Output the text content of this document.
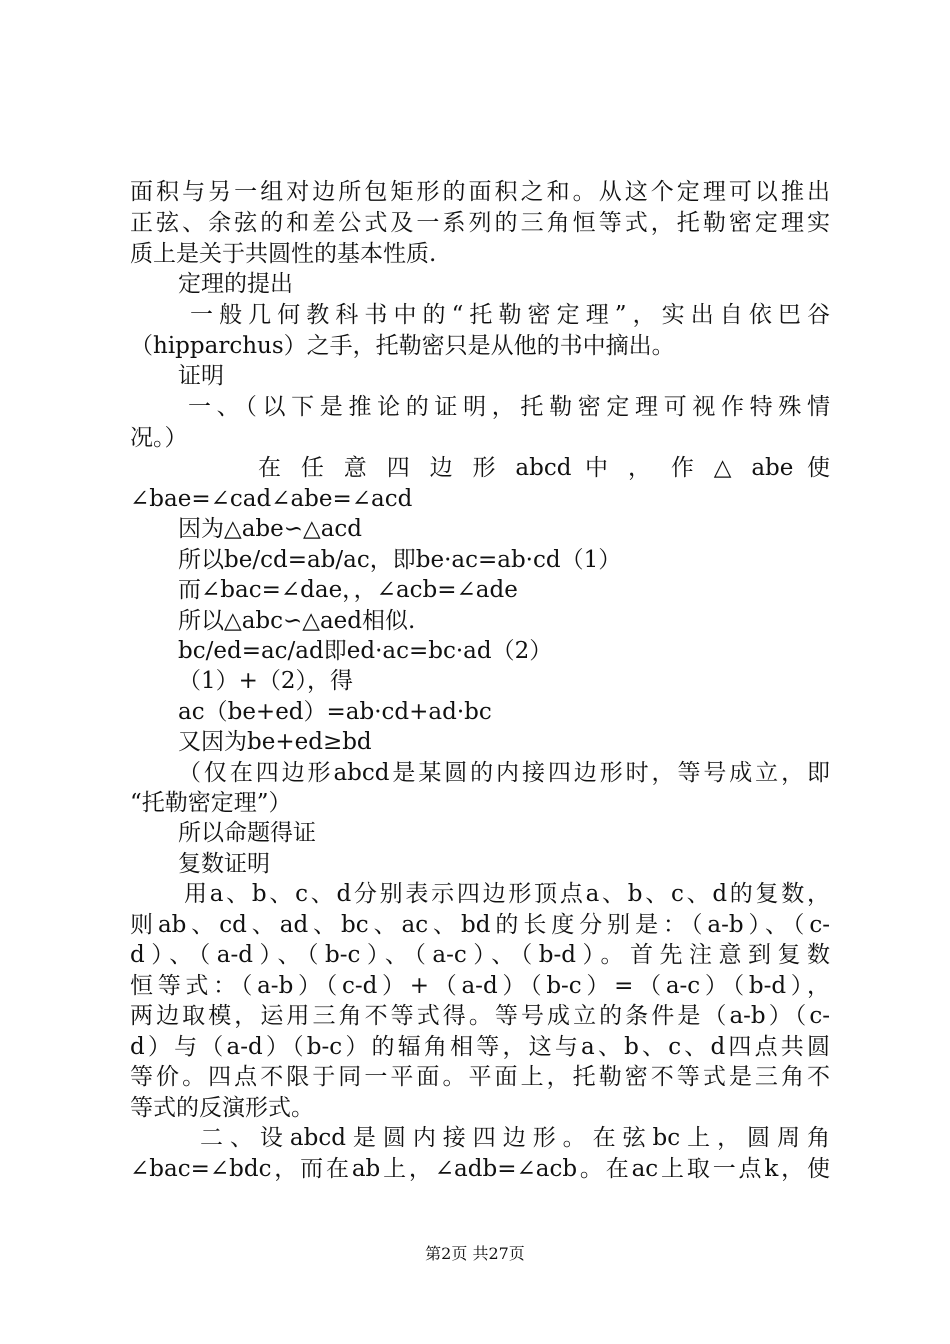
面积与另一组对边所包矩形的面积之和。从这个定理可以推出
正弦、余弦的和差公式及一系列的三角恒等式，托勒密定理实
质上是关于共圆性的基本性质.
定理的提出
一般几何教科书中的“托勒密定理”，实出自依巴谷
（hipparchus）之手，托勒密只是从他的书中摘出。
证明
一、（以下是推论的证明，托勒密定理可视作特殊情
况。）
在 任 意 四 边 形 abcd 中 ， 作 △ abe 使
∠bae=∠cad∠abe=∠acd
因为△abe∽△acd
所以be/cd=ab/ac，即be·ac=ab·cd（1）
而∠bac=∠dae，，∠acb=∠ade
所以△abc∽△aed相似.
bc/ed=ac/ad即ed·ac=bc·ad（2）
（1）+（2），得
ac（be+ed）=ab·cd+ad·bc
又因为be+ed≥bd
（仅在四边形abcd是某圆的内接四边形时，等号成立，即
“托勒密定理”）
所以命题得证
复数证明
用a、b、c、d分别表示四边形顶点a、b、c、d的复数，
则ab、cd、ad、bc、ac、bd的长度分别是：（a-b）、（c-
d）、（a-d）、（b-c）、（a-c）、（b-d）。首先注意到复数
恒等式：（a-b）（c-d）+（a-d）（b-c）=（a-c）（b-d），
两边取模，运用三角不等式得。等号成立的条件是（a-b）（c-
d）与（a-d）（b-c）的辐角相等，这与a、b、c、d四点共圆
等价。四点不限于同一平面。平面上，托勒密不等式是三角不
等式的反演形式。
二、设abcd是圆内接四边形。在弦bc上，圆周角
∠bac=∠bdc，而在ab上，∠adb=∠acb。在ac上取一点k，使
第2页 共27页
